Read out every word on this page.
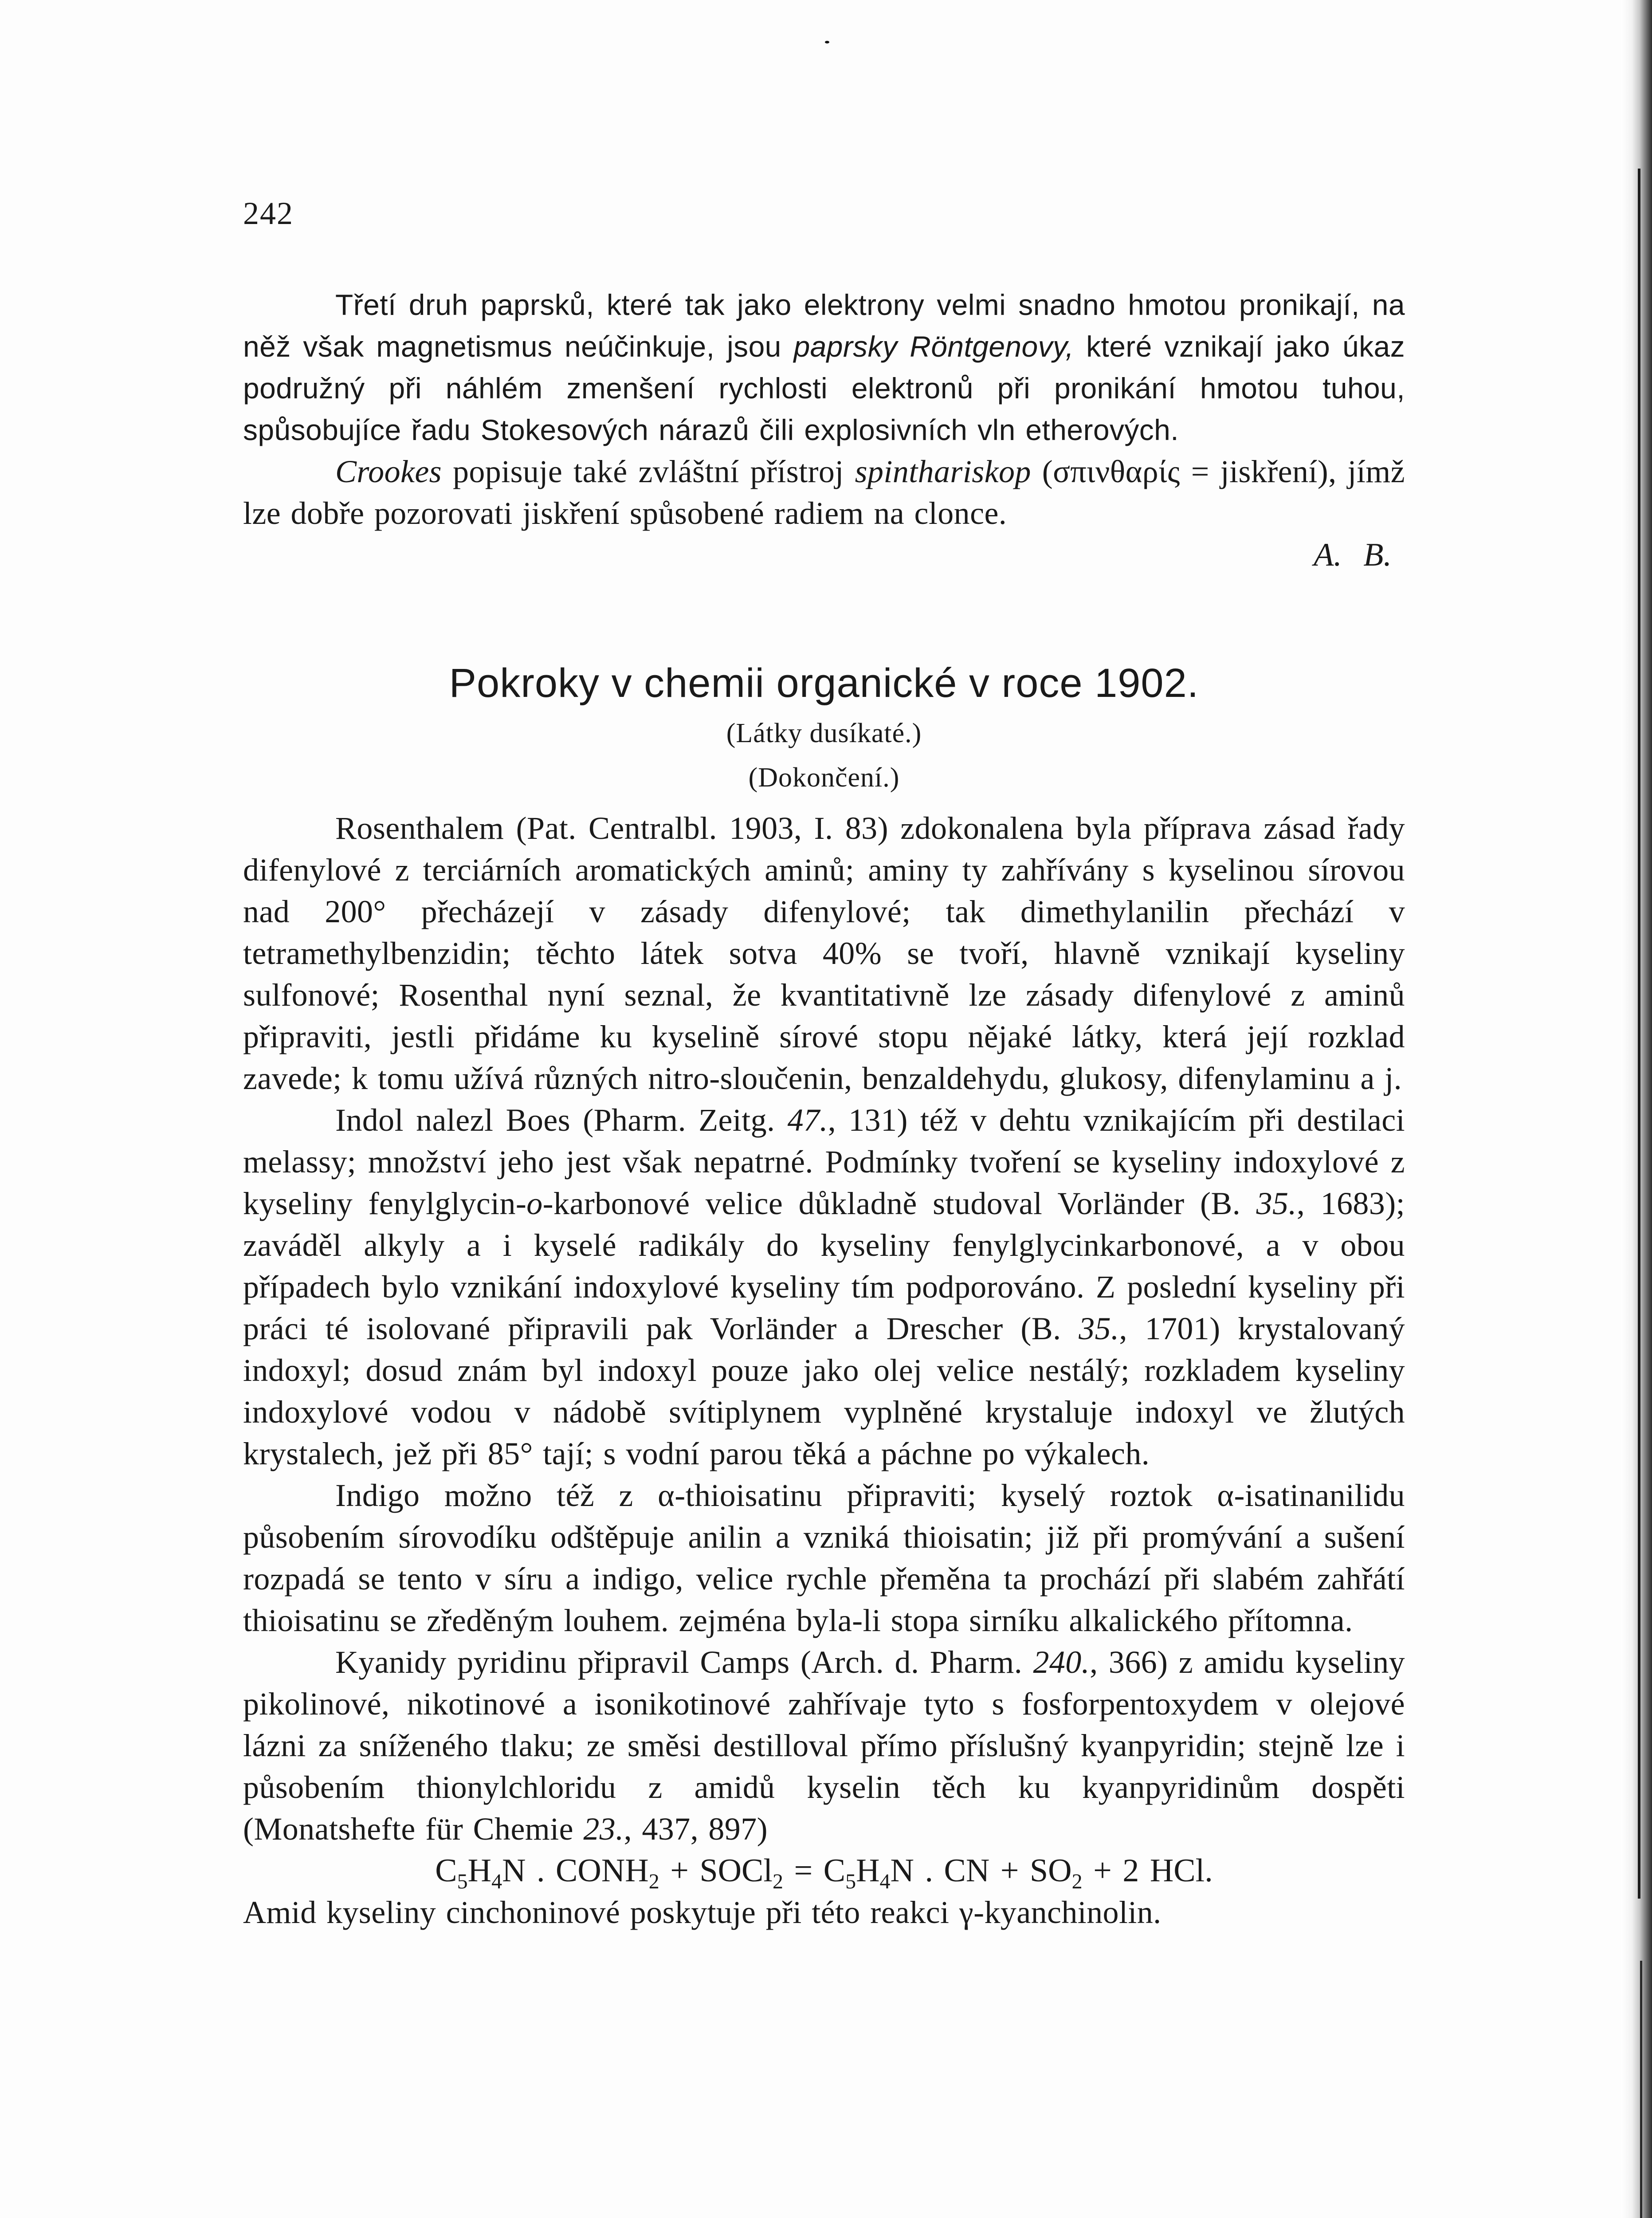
242

Třetí druh paprsků, které tak jako elektrony velmi snadno hmotou pronikají, na něž však magnetismus neúčinkuje, jsou paprsky Röntgenovy, které vznikají jako úkaz podružný při náhlém zmenšení rychlosti elektronů při pronikání hmotou tuhou, spůsobujíce řadu Stokesových nárazů čili explosivních vln etherových.

Crookes popisuje také zvláštní přístroj spinthariskop (σπινθαρίς = jiskření), jímž lze dobře pozorovati jiskření spůsobené radiem na clonce.

A. B.

Pokroky v chemii organické v roce 1902.
(Látky dusíkaté.)
(Dokončení.)

Rosenthalem (Pat. Centralbl. 1903, I. 83) zdokonalena byla příprava zásad řady difenylové z terciárních aromatických aminů; aminy ty zahřívány s kyselinou sírovou nad 200° přecházejí v zásady difenylové; tak dimethylanilin přechází v tetramethylbenzidin; těchto látek sotva 40% se tvoří, hlavně vznikají kyseliny sulfonové; Rosenthal nyní seznal, že kvantitativně lze zásady difenylové z aminů připraviti, jestli přidáme ku kyselině sírové stopu nějaké látky, která její rozklad zavede; k tomu užívá různých nitro-sloučenin, benzaldehydu, glukosy, difenylaminu a j.

Indol nalezl Boes (Pharm. Zeitg. 47., 131) též v dehtu vznikajícím při destilaci melassy; množství jeho jest však nepatrné. Podmínky tvoření se kyseliny indoxylové z kyseliny fenylglycin-o-karbonové velice důkladně studoval Vorländer (B. 35., 1683); zaváděl alkyly a i kyselé radikály do kyseliny fenylglycinkarbonové, a v obou případech bylo vznikání indoxylové kyseliny tím podporováno. Z poslední kyseliny při práci té isolované připravili pak Vorländer a Drescher (B. 35., 1701) krystalovaný indoxyl; dosud znám byl indoxyl pouze jako olej velice nestálý; rozkladem kyseliny indoxylové vodou v nádobě svítiplynem vyplněné krystaluje indoxyl ve žlutých krystalech, jež při 85° tají; s vodní parou těká a páchne po výkalech.

Indigo možno též z α-thioisatinu připraviti; kyselý roztok α-isatinanilidu působením sírovodíku odštěpuje anilin a vzniká thioisatin; již při promývání a sušení rozpadá se tento v síru a indigo, velice rychle přeměna ta prochází při slabém zahřátí thioisatinu se zředěným louhem. zejména byla-li stopa sirníku alkalického přítomna.

Kyanidy pyridinu připravil Camps (Arch. d. Pharm. 240., 366) z amidu kyseliny pikolinové, nikotinové a isonikotinové zahřívaje tyto s fosforpentoxydem v olejové lázni za sníženého tlaku; ze směsi destilloval přímo příslušný kyanpyridin; stejně lze i působením thionylchloridu z amidů kyselin těch ku kyanpyridinům dospěti (Monatshefte für Chemie 23., 437, 897)

$C_5H_4N$ . $CONH_2$ + SOCl$_2$ = $C_5H_4N$ . CN + $SO_2 + 2$ HCl.

Amid kyseliny cinchoninové poskytuje při této reakci γ-kyanchinolin.
